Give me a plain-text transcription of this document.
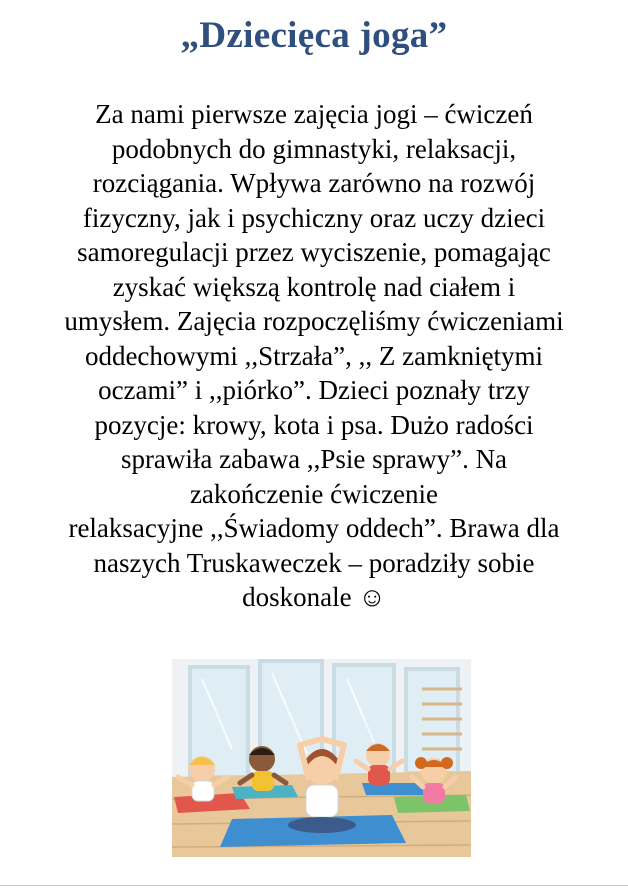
„Dziecięca joga”
Za nami pierwsze zajęcia jogi – ćwiczeń
podobnych do gimnastyki, relaksacji,
rozciągania. Wpływa zarówno na rozwój
fizyczny, jak i psychiczny oraz uczy dzieci
samoregulacji przez wyciszenie, pomagając
zyskać większą kontrolę nad ciałem i
umysłem. Zajęcia rozpoczęliśmy ćwiczeniami
oddechowymi ,,Strzała”, ,, Z zamkniętymi
oczami” i ,,piórko”. Dzieci poznały trzy
pozycje: krowy, kota i psa. Dużo radości
sprawiła zabawa ,,Psie sprawy”. Na
zakończenie ćwiczenie
relaksacyjne ,,Świadomy oddech”. Brawa dla
naszych Truskaweczek – poradziły sobie
doskonale ☺
